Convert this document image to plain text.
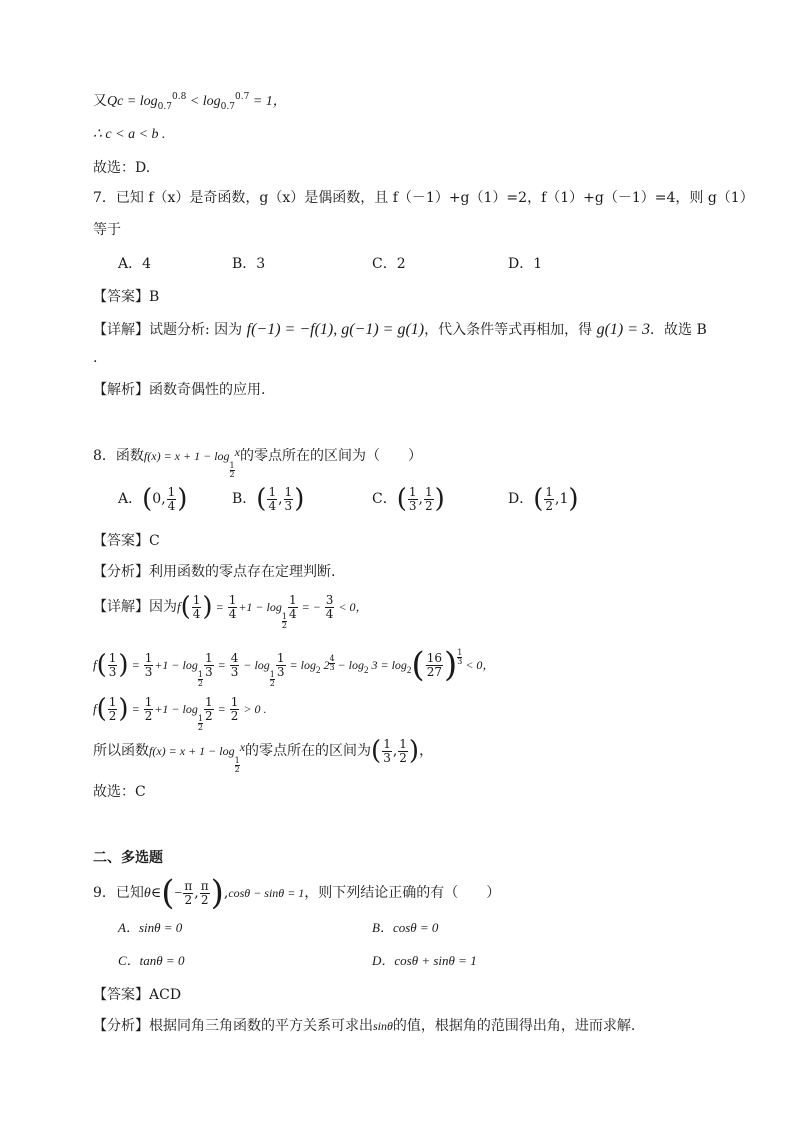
又$Qc = \log_{0.7}^{0.8} < \log_{0.7}^{0.7} = 1$，
∴ c < a < b .
故选：D.
7．已知 f（x）是奇函数，g（x）是偶函数，且 f（－1）+g（1）=2，f（1）+g（－1）=4，则 g（1）
等于
A．4	B．3	C．2	D．1
【答案】B
【详解】试题分析: 因为 f(−1) = −f(1), g(−1) = g(1)，代入条件等式再相加，得 g(1) = 3．故选 B
.
【解析】函数奇偶性的应用.
8．函数f(x) = x + 1 − log
$\frac{1}{2}$
x的零点所在的区间为（　　）
A．(0, $\frac{1}{4}$ )	B．( $\frac{1}{4}$ , $\frac{1}{3}$ )	C．( $\frac{1}{3}$ , $\frac{1}{2}$ )	D．( $\frac{1}{2} ,1$)
【答案】C
【分析】利用函数的零点存在定理判断.
【详解】因为$f( \frac{1}{4}$ ) = $\frac{1}{4} +1 - \log$
$\frac{1}{2}$
$\frac{1}{4}$ = − $\frac{3}{4} < 0$，
$f( \frac{1}{3}$ ) = $\frac{1}{3} +1 - \log$
$\frac{1}{2}$
$\frac{1}{3} = \frac{4}{3} - \log$
$\frac{1}{2}$
$\frac{1}{3} = \log_2 2 \frac{4}{3} - \log_2 3 = \log_2( \frac{16}{27}$ ) $\frac{1}{3} < 0$，
$f( \frac{1}{2}$ ) = $\frac{1}{2} +1 - \log$
$\frac{1}{2}$
$\frac{1}{2} = \frac{1}{2} > 0$ .
所以函数f(x) = x + 1 − log
$\frac{1}{2}$
x的零点所在的区间为( $\frac{1}{3}$ , $\frac{1}{2}$ )，
故选：C
二、多选题
9．已知θ∈(− $\frac{\pi}{2}$ , $\frac{\pi}{2} ),\cos\theta - \sin\theta = 1$，则下列结论正确的有（　　）
A．sinθ = 0	B．cosθ = 0
C．tanθ = 0	D．cosθ + sinθ = 1
【答案】ACD
【分析】根据同角三角函数的平方关系可求出sinθ的值，根据角的范围得出角，进而求解.
